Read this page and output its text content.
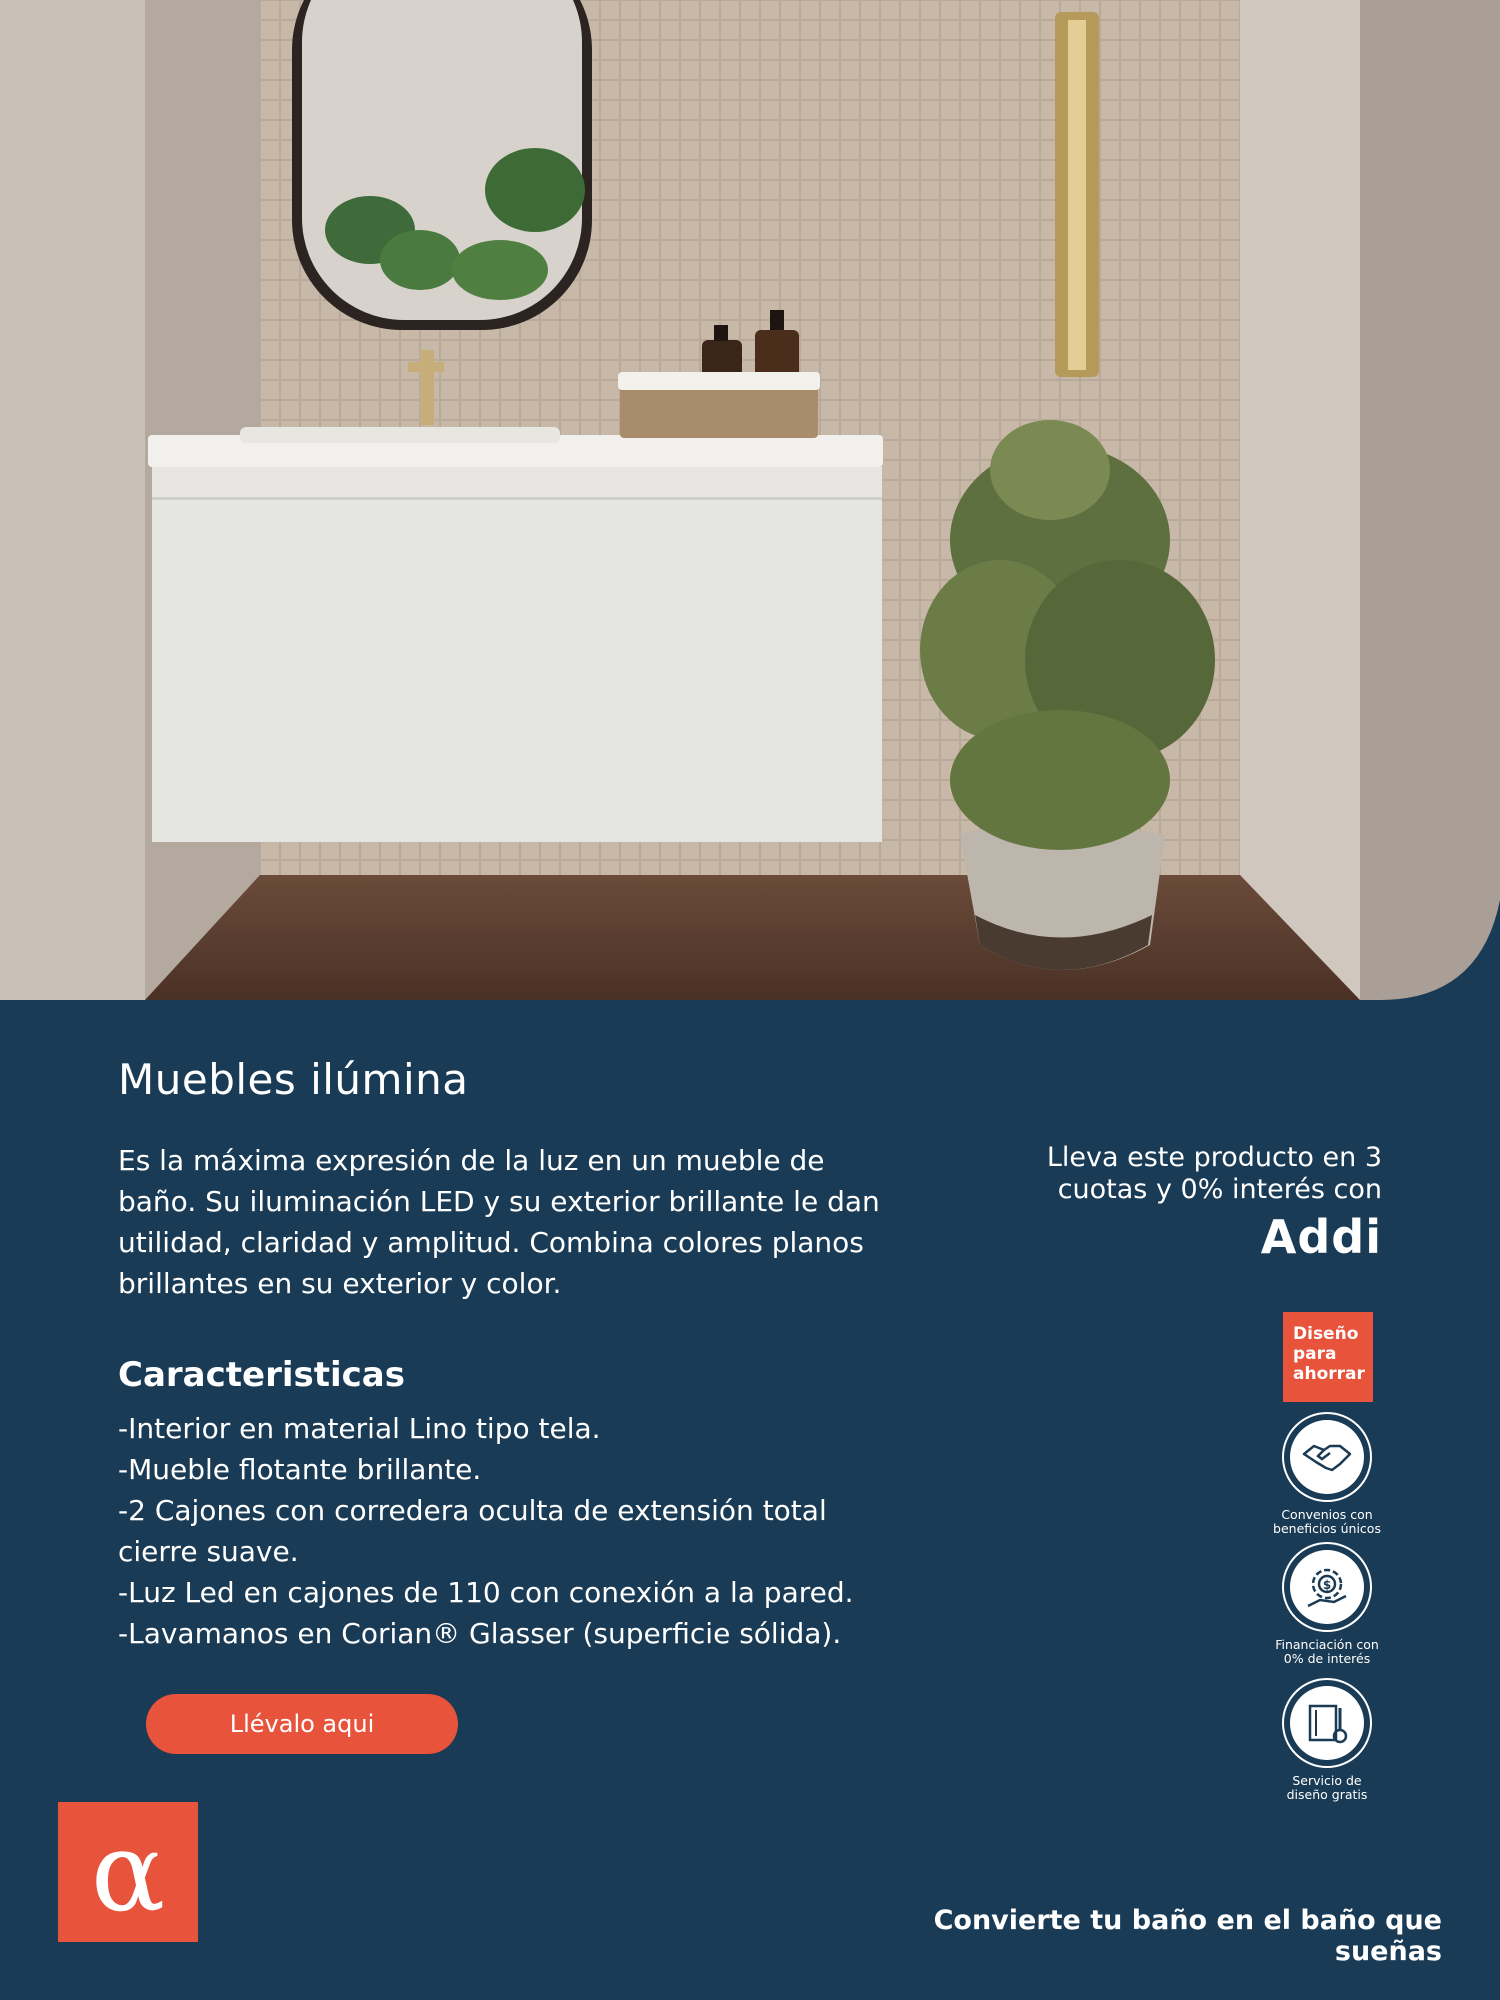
Muebles ilúmina

Es la máxima expresión de la luz en un mueble de baño. Su iluminación LED y su exterior brillante le dan utilidad, claridad y amplitud. Combina colores planos brillantes en su exterior y color.

Caracteristicas
-Interior en material Lino tipo tela.
-Mueble flotante brillante.
-2 Cajones con corredera oculta de extensión total cierre suave.
-Luz Led en cajones de 110 con conexión a la pared.
-Lavamanos en Corian® Glasser (superficie sólida).
Llévalo aqui
Lleva este producto en 3 cuotas y 0% interés con
Addi
Diseño
para
ahorrar
Convenios con
beneficios únicos
$
Financiación con
0% de interés
Servicio de
diseño gratis
α	Convierte tu baño en el baño que sueñas
